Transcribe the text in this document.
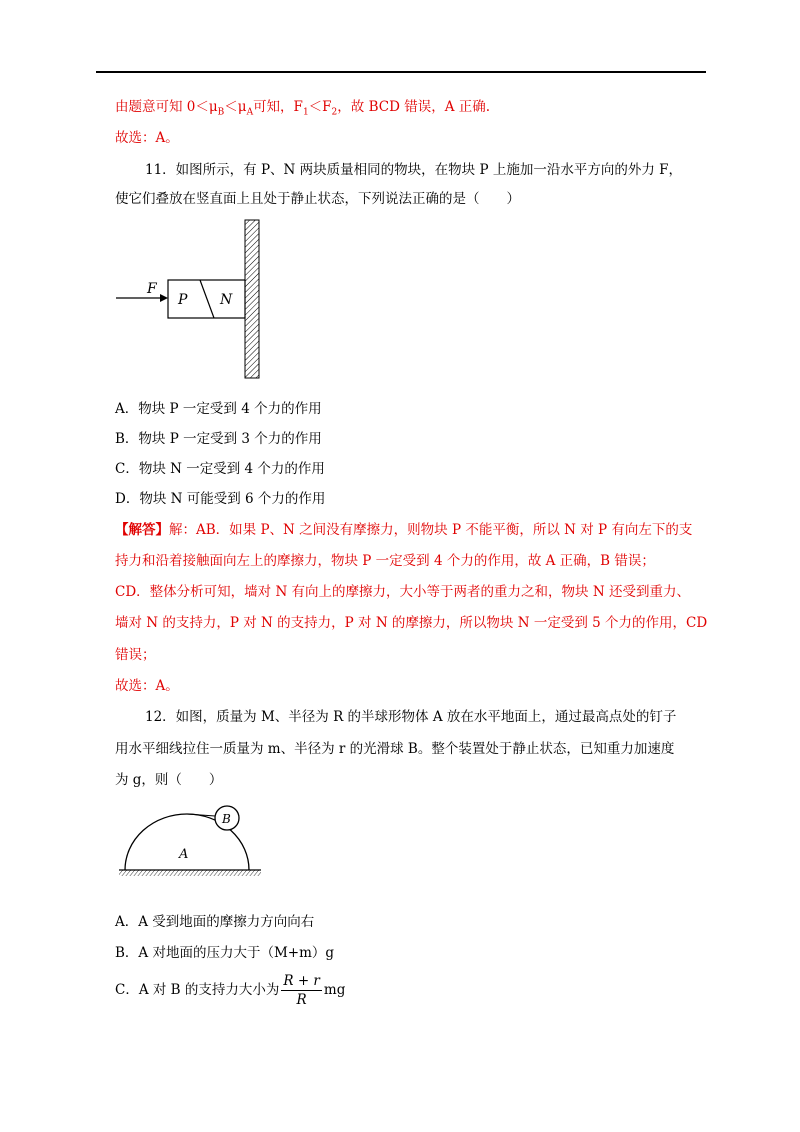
由题意可知 $0<\mu_B<\mu_A$可知，$F_1<F_2$，故 BCD 错误，A 正确.
故选：A。
11．如图所示，有 P、N 两块质量相同的物块，在物块 P 上施加一沿水平方向的外力 F，
使它们叠放在竖直面上且处于静止状态，下列说法正确的是（　　）
F
P N
A．物块 P 一定受到 4 个力的作用
B．物块 P 一定受到 3 个力的作用
C．物块 N 一定受到 4 个力的作用
D．物块 N 可能受到 6 个力的作用
【解答】解：AB．如果 P、N 之间没有摩擦力，则物块 P 不能平衡，所以 N 对 P 有向左下的支
持力和沿着接触面向左上的摩擦力，物块 P 一定受到 4 个力的作用，故 A 正确，B 错误；
CD．整体分析可知，墙对 N 有向上的摩擦力，大小等于两者的重力之和，物块 N 还受到重力、
墙对 N 的支持力，P 对 N 的支持力，P 对 N 的摩擦力，所以物块 N 一定受到 5 个力的作用，CD
错误；
故选：A。
12．如图，质量为 M、半径为 R 的半球形物体 A 放在水平地面上，通过最高点处的钉子
用水平细线拉住一质量为 m、半径为 r 的光滑球 B。整个装置处于静止状态，已知重力加速度
为 g，则（　　）
A
B
A．A 受到地面的摩擦力方向向右
B．A 对地面的压力大于（M+m）g
C．A 对 B 的支持力大小为 $\frac{R + r}{R}$ mg
